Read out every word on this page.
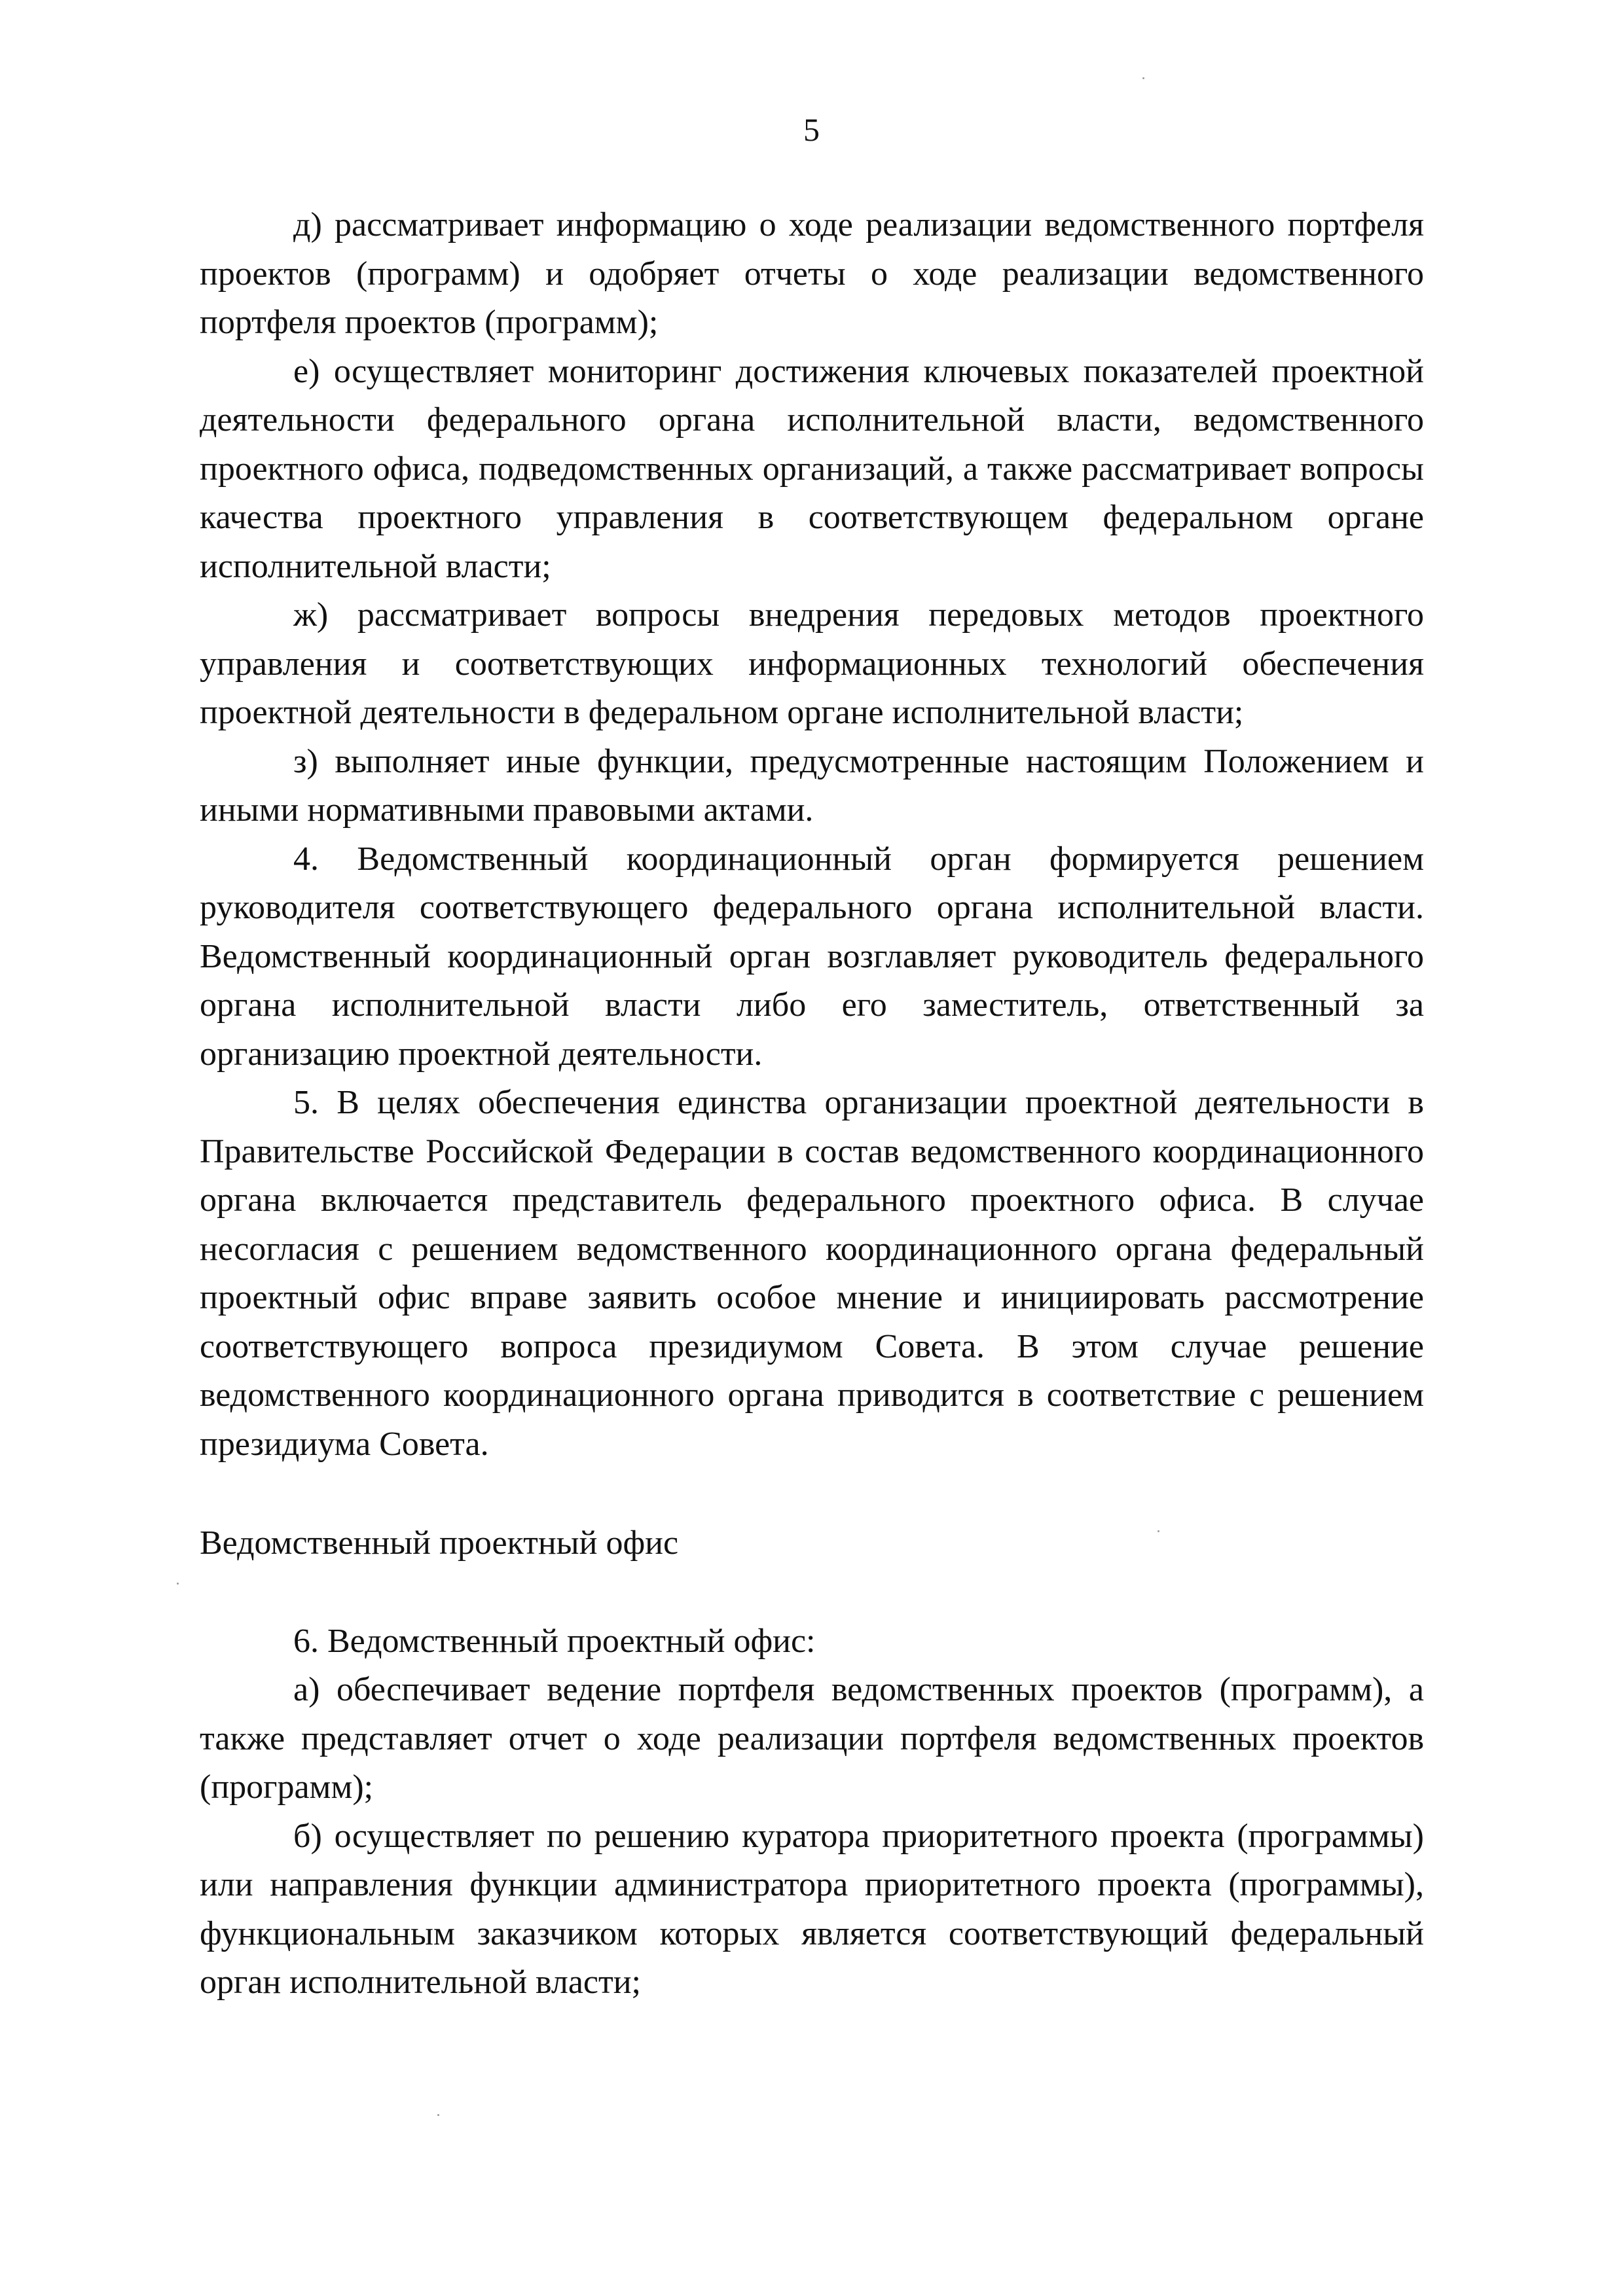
5

д) рассматривает информацию о ходе реализации ведомственного портфеля проектов (программ) и одобряет отчеты о ходе реализации ведомственного портфеля проектов (программ);

е) осуществляет мониторинг достижения ключевых показателей проектной деятельности федерального органа исполнительной власти, ведомственного проектного офиса, подведомственных организаций, а также рассматривает вопросы качества проектного управления в соответствующем федеральном органе исполнительной власти;

ж) рассматривает вопросы внедрения передовых методов проектного управления и соответствующих информационных технологий обеспечения проектной деятельности в федеральном органе исполнительной власти;

з) выполняет иные функции, предусмотренные настоящим Положением и иными нормативными правовыми актами.

4. Ведомственный координационный орган формируется решением руководителя соответствующего федерального органа исполнительной власти. Ведомственный координационный орган возглавляет руководитель федерального органа исполнительной власти либо его заместитель, ответственный за организацию проектной деятельности.

5. В целях обеспечения единства организации проектной деятельности в Правительстве Российской Федерации в состав ведомственного координационного органа включается представитель федерального проектного офиса. В случае несогласия с решением ведомственного координационного органа федеральный проектный офис вправе заявить особое мнение и инициировать рассмотрение соответствующего вопроса президиумом Совета. В этом случае решение ведомственного координационного органа приводится в соответствие с решением президиума Совета.

Ведомственный проектный офис

6. Ведомственный проектный офис:

а) обеспечивает ведение портфеля ведомственных проектов (программ), а также представляет отчет о ходе реализации портфеля ведомственных проектов (программ);

б) осуществляет по решению куратора приоритетного проекта (программы) или направления функции администратора приоритетного проекта (программы), функциональным заказчиком которых является соответствующий федеральный орган исполнительной власти;
